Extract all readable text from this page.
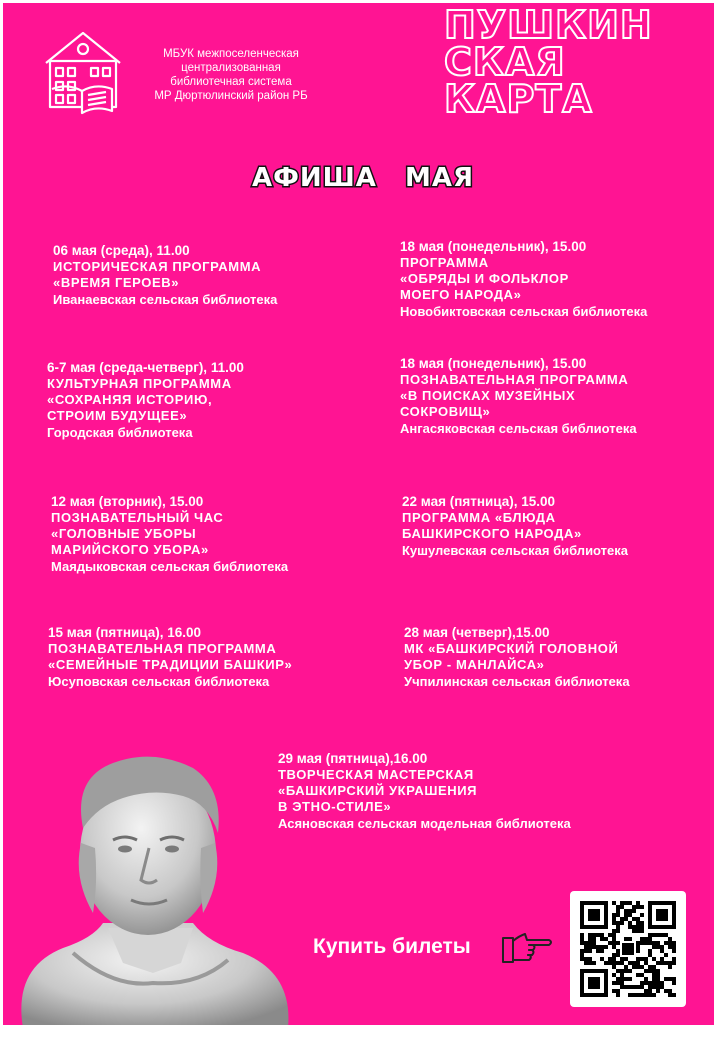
МБУК межпоселенческая
централизованная
библиотечная система
МР Дюртюлинский район РБ
ПУШКИН
СКАЯ
КАРТА
АФИША МАЯ
06 мая (среда), 11.00
ИСТОРИЧЕСКАЯ ПРОГРАММА
«ВРЕМЯ ГЕРОЕВ»
Иванаевская сельская библиотека
18 мая (понедельник), 15.00
ПРОГРАММА
«ОБРЯДЫ И ФОЛЬКЛОР
МОЕГО НАРОДА»
Новобиктовская сельская библиотека
6-7 мая (среда-четверг), 11.00
КУЛЬТУРНАЯ ПРОГРАММА
«СОХРАНЯЯ ИСТОРИЮ,
СТРОИМ БУДУЩЕЕ»
Городская библиотека
18 мая (понедельник), 15.00
ПОЗНАВАТЕЛЬНАЯ ПРОГРАММА
«В ПОИСКАХ МУЗЕЙНЫХ
СОКРОВИЩ»
Ангасяковская сельская библиотека
12 мая (вторник), 15.00
ПОЗНАВАТЕЛЬНЫЙ ЧАС
«ГОЛОВНЫЕ УБОРЫ
МАРИЙСКОГО УБОРА»
Маядыковская сельская библиотека
22 мая (пятница), 15.00
ПРОГРАММА «БЛЮДА
БАШКИРСКОГО НАРОДА»
Кушулевская сельская библиотека
15 мая (пятница), 16.00
ПОЗНАВАТЕЛЬНАЯ ПРОГРАММА
«СЕМЕЙНЫЕ ТРАДИЦИИ БАШКИР»
Юсуповская сельская библиотека
28 мая (четверг),15.00
МК «БАШКИРСКИЙ ГОЛОВНОЙ
УБОР - МАНЛАЙСА»
Учпилинская сельская библиотека
29 мая (пятница),16.00
ТВОРЧЕСКАЯ МАСТЕРСКАЯ
«БАШКИРСКИЙ УКРАШЕНИЯ
В ЭТНО-СТИЛЕ»
Асяновская сельская модельная библиотека
Купить билеты
